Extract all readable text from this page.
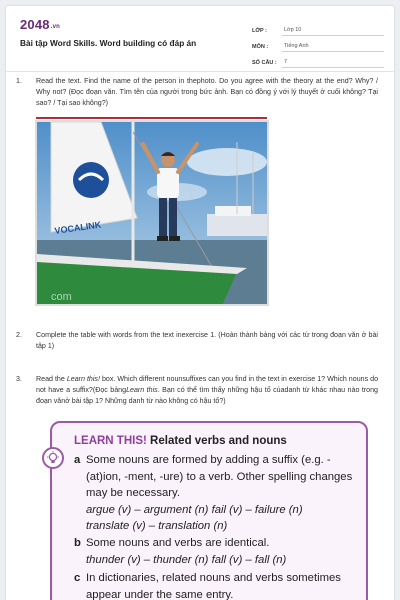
2048.vn
Bài tập Word Skills. Word building có đáp án
LỚP :	Lớp 10
MÔN :	Tiếng Anh
SỐ CÂU :	7
1.	Read the text. Find the name of the person in thephoto. Do you agree with the theory at the end? Why? / Why not? (Đọc đoạn văn. Tìm tên của người trong bức ảnh. Bạn có đồng ý với lý thuyết ở cuối không? Tại sao? / Tại sao không?)
VOCALINK
com
2.	Complete the table with words from the text inexercise 1. (Hoàn thành bảng với các từ trong đoạn văn ở bài tập 1)
3.	Read the Learn this! box. Which different nounsuffixes can you find in the text in exercise 1? Which nouns do not have a suffix?(Đọc bảngLearn this. Bạn có thể tìm thấy những hậu tố củadanh từ khác nhau nào trong đoạn vănở bài tập 1? Những danh từ nào không có hậu tố?)
LEARN THIS! Related verbs and nouns
a Some nouns are formed by adding a suffix (e.g. -(at)ion, -ment, -ure) to a verb. Other spelling changes may be necessary.
argue (v) – argument (n) fail (v) – failure (n)
translate (v) – translation (n)
b Some nouns and verbs are identical.
thunder (v) – thunder (n) fall (v) – fall (n)
c In dictionaries, related nouns and verbs sometimes appear under the same entry.
